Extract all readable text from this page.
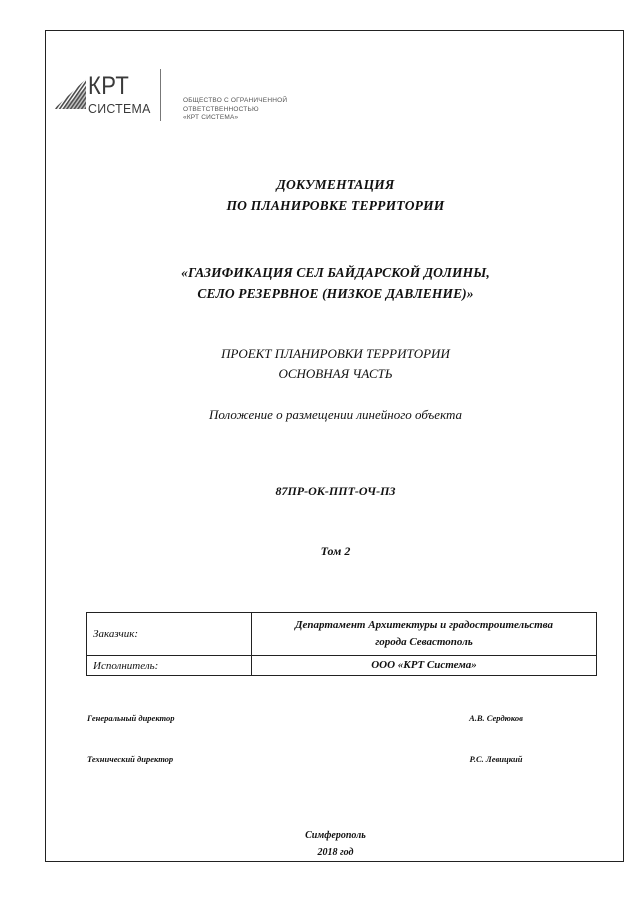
КРТ
СИСТЕМА
ОБЩЕСТВО С ОГРАНИЧЕННОЙ
ОТВЕТСТВЕННОСТЬЮ
«КРТ СИСТЕМА»
ДОКУМЕНТАЦИЯ
ПО ПЛАНИРОВКЕ ТЕРРИТОРИИ
«ГАЗИФИКАЦИЯ СЕЛ БАЙДАРСКОЙ ДОЛИНЫ,
СЕЛО РЕЗЕРВНОЕ (НИЗКОЕ ДАВЛЕНИЕ)»
ПРОЕКТ ПЛАНИРОВКИ ТЕРРИТОРИИ
ОСНОВНАЯ ЧАСТЬ
Положение о размещении линейного объекта
87ПР-ОК-ППТ-ОЧ-ПЗ
Том 2
Заказчик:	Департамент Архитектуры и градостроительства
города Севастополь

Исполнитель:	ООО «КРТ Система»
Генеральный директор	А.В. Сердюков
Технический директор	Р.С. Левицкий
Симферополь
2018 год
